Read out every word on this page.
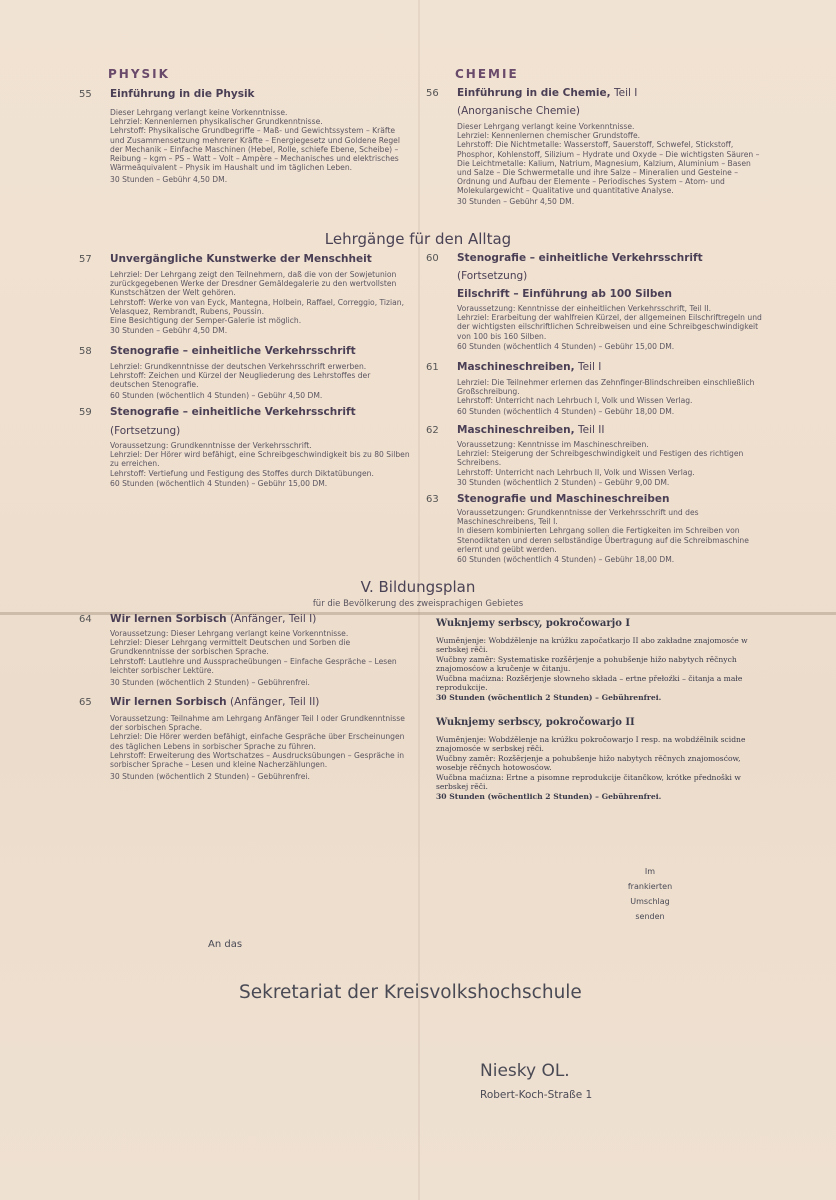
PHYSIK
55 Einführung in die Physik
Dieser Lehrgang verlangt keine Vorkenntnisse.
Lehrziel: Kennenlernen physikalischer Grundkenntnisse.
Lehrstoff: Physikalische Grundbegriffe – Maß- und Gewichtssystem – Kräfte und Zusammensetzung mehrerer Kräfte – Energiegesetz und Goldene Regel der Mechanik – Einfache Maschinen (Hebel, Rolle, schiefe Ebene, Scheibe) – Reibung – kgm – PS – Watt – Volt – Ampère – Mechanisches und elektrisches Wärmeäquivalent – Physik im Haushalt und im täglichen Leben.
30 Stunden – Gebühr 4,50 DM.
CHEMIE
56 Einführung in die Chemie, Teil I
(Anorganische Chemie)
Dieser Lehrgang verlangt keine Vorkenntnisse.
Lehrziel: Kennenlernen chemischer Grundstoffe.
Lehrstoff: Die Nichtmetalle: Wasserstoff, Sauerstoff, Schwefel, Stickstoff, Phosphor, Kohlenstoff, Silizium – Hydrate und Oxyde – Die wichtigsten Säuren – Die Leichtmetalle: Kalium, Natrium, Magnesium, Kalzium, Aluminium – Basen und Salze – Die Schwermetalle und ihre Salze – Mineralien und Gesteine – Ordnung und Aufbau der Elemente – Periodisches System – Atom- und Molekulargewicht – Qualitative und quantitative Analyse.
30 Stunden – Gebühr 4,50 DM.
Lehrgänge für den Alltag
57 Unvergängliche Kunstwerke der Menschheit
Lehrziel: Der Lehrgang zeigt den Teilnehmern, daß die von der Sowjetunion zurückgegebenen Werke der Dresdner Gemäldegalerie zu den wertvollsten Kunstschätzen der Welt gehören.
Lehrstoff: Werke von van Eyck, Mantegna, Holbein, Raffael, Correggio, Tizian, Velasquez, Rembrandt, Rubens, Poussin.
Eine Besichtigung der Semper-Galerie ist möglich.
30 Stunden – Gebühr 4,50 DM.
58 Stenografie – einheitliche Verkehrsschrift
Lehrziel: Grundkenntnisse der deutschen Verkehrsschrift erwerben.
Lehrstoff: Zeichen und Kürzel der Neugliederung des Lehrstoffes der deutschen Stenografie.
60 Stunden (wöchentlich 4 Stunden) – Gebühr 4,50 DM.
59 Stenografie – einheitliche Verkehrsschrift
(Fortsetzung)
Voraussetzung: Grundkenntnisse der Verkehrsschrift.
Lehrziel: Der Hörer wird befähigt, eine Schreibgeschwindigkeit bis zu 80 Silben zu erreichen.
Lehrstoff: Vertiefung und Festigung des Stoffes durch Diktatübungen.
60 Stunden (wöchentlich 4 Stunden) – Gebühr 15,00 DM.
60 Stenografie – einheitliche Verkehrsschrift
(Fortsetzung)
Eilschrift – Einführung ab 100 Silben
Voraussetzung: Kenntnisse der einheitlichen Verkehrsschrift, Teil II.
Lehrziel: Erarbeitung der wahlfreien Kürzel, der allgemeinen Eilschriftregeln und der wichtigsten eilschriftlichen Schreibweisen und eine Schreibgeschwindigkeit von 100 bis 160 Silben.
60 Stunden (wöchentlich 4 Stunden) – Gebühr 15,00 DM.
61 Maschineschreiben, Teil I
Lehrziel: Die Teilnehmer erlernen das Zehnfinger-Blindschreiben einschließlich Großschreibung.
Lehrstoff: Unterricht nach Lehrbuch I, Volk und Wissen Verlag.
60 Stunden (wöchentlich 4 Stunden) – Gebühr 18,00 DM.
62 Maschineschreiben, Teil II
Voraussetzung: Kenntnisse im Maschineschreiben.
Lehrziel: Steigerung der Schreibgeschwindigkeit und Festigen des richtigen Schreibens.
Lehrstoff: Unterricht nach Lehrbuch II, Volk und Wissen Verlag.
30 Stunden (wöchentlich 2 Stunden) – Gebühr 9,00 DM.
63 Stenografie und Maschineschreiben
Voraussetzungen: Grundkenntnisse der Verkehrsschrift und des Maschineschreibens, Teil I.
In diesem kombinierten Lehrgang sollen die Fertigkeiten im Schreiben von Stenodiktaten und deren selbständige Übertragung auf die Schreibmaschine erlernt und geübt werden.
60 Stunden (wöchentlich 4 Stunden) – Gebühr 18,00 DM.
V. Bildungsplan
für die Bevölkerung des zweisprachigen Gebietes
64 Wir lernen Sorbisch (Anfänger, Teil I)
Voraussetzung: Dieser Lehrgang verlangt keine Vorkenntnisse.
Lehrziel: Dieser Lehrgang vermittelt Deutschen und Sorben die Grundkenntnisse der sorbischen Sprache.
Lehrstoff: Lautlehre und Ausspracheübungen – Einfache Gespräche – Lesen leichter sorbischer Lektüre.
30 Stunden (wöchentlich 2 Stunden) – Gebührenfrei.
65 Wir lernen Sorbisch (Anfänger, Teil II)
Voraussetzung: Teilnahme am Lehrgang Anfänger Teil I oder Grundkenntnisse der sorbischen Sprache.
Lehrziel: Die Hörer werden befähigt, einfache Gespräche über Erscheinungen des täglichen Lebens in sorbischer Sprache zu führen.
Lehrstoff: Erweiterung des Wortschatzes – Ausdrucksübungen – Gespräche in sorbischer Sprache – Lesen und kleine Nacherzählungen.
30 Stunden (wöchentlich 2 Stunden) – Gebührenfrei.
Wuknjemy serbscy, pokročowarjo I
Wuměnjenje: Wobdźělenje na krúžku započatkarjo II abo zakładne znajomosće w serbskej rěči.
Wučbny zaměr: Systematiske rozšěrjenje a pohubšenje hižo nabytych rěčnych znajomosćow a kručenje w čitanju.
Wučbna maćizna: Rozšěrjenje słowneho składa – ertne přełoźki – čitanja a małe reprodukcije.
30 Stunden (wöchentlich 2 Stunden) – Gebührenfrei.
Wuknjemy serbscy, pokročowarjo II
Wuměnjenje: Wobdźělenje na krúžku pokročowarjo I resp. na wobdźělnik scidne znajomosće w serbskej rěči.
Wučbny zaměr: Rozšěrjenje a pohubšenje hižo nabytych rěčnych znajomosćow, wosebje rěčnych hotowosćow.
Wučbna maćizna: Ertne a pisomne reprodukcije čitančkow, krótke přednoški w serbskej rěči.
30 Stunden (wöchentlich 2 Stunden) – Gebührenfrei.
Im
frankierten
Umschlag
senden
An das
Sekretariat der Kreisvolkshochschule
Niesky OL.
Robert-Koch-Straße 1
